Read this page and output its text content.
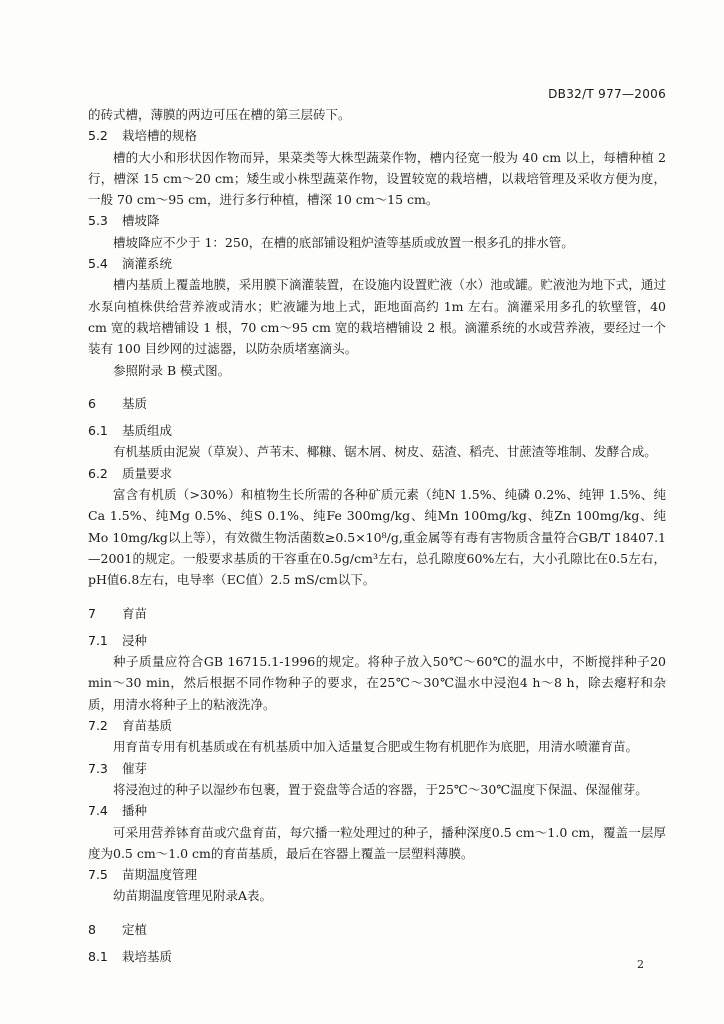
DB32/T 977—2006

的砖式槽，薄膜的两边可压在槽的第三层砖下。

5.2	栽培槽的规格

槽的大小和形状因作物而异，果菜类等大株型蔬菜作物，槽内径宽一般为 40 cm 以上，每槽种植 2 行，槽深 15 cm～20 cm；矮生或小株型蔬菜作物，设置较宽的栽培槽，以栽培管理及采收方便为度，一般 70 cm～95 cm，进行多行种植，槽深 10 cm～15 cm。

5.3	槽坡降

槽坡降应不少于 1：250，在槽的底部铺设粗炉渣等基质或放置一根多孔的排水管。

5.4	滴灌系统

槽内基质上覆盖地膜，采用膜下滴灌装置，在设施内设置贮液（水）池或罐。贮液池为地下式，通过水泵向植株供给营养液或清水；贮液罐为地上式，距地面高约 1m 左右。滴灌采用多孔的软壁管，40 cm 宽的栽培槽铺设 1 根，70 cm～95 cm 宽的栽培槽铺设 2 根。滴灌系统的水或营养液，要经过一个装有 100 目纱网的过滤器，以防杂质堵塞滴头。

参照附录 B 模式图。

6	基质
6.1	基质组成

有机基质由泥炭（草炭）、芦苇末、椰糠、锯木屑、树皮、菇渣、稻壳、甘蔗渣等堆制、发酵合成。

6.2	质量要求

富含有机质（>30%）和植物生长所需的各种矿质元素（纯N 1.5%、纯磷 0.2%、纯钾 1.5%、纯Ca 1.5%、纯Mg 0.5%、纯S 0.1%、纯Fe 300mg/kg、纯Mn 100mg/kg、纯Zn 100mg/kg、纯Mo 10mg/kg以上等），有效微生物活菌数≥0.5×10⁸/g,重金属等有毒有害物质含量符合GB/T 18407.1—2001的规定。一般要求基质的干容重在0.5g/cm³左右，总孔隙度60%左右，大小孔隙比在0.5左右，pH值6.8左右，电导率（EC值）2.5 mS/cm以下。

7	育苗
7.1	浸种

种子质量应符合GB 16715.1-1996的规定。将种子放入50℃～60℃的温水中，不断搅拌种子20 min～30 min，然后根据不同作物种子的要求，在25℃～30℃温水中浸泡4 h～8 h，除去瘪籽和杂质，用清水将种子上的粘液洗净。

7.2	育苗基质

用育苗专用有机基质或在有机基质中加入适量复合肥或生物有机肥作为底肥，用清水喷灌育苗。

7.3	催芽

将浸泡过的种子以湿纱布包裹，置于瓷盘等合适的容器，于25℃～30℃温度下保温、保湿催芽。

7.4	播种

可采用营养钵育苗或穴盘育苗，每穴播一粒处理过的种子，播种深度0.5 cm～1.0 cm，覆盖一层厚度为0.5 cm～1.0 cm的育苗基质，最后在容器上覆盖一层塑料薄膜。

7.5	苗期温度管理

幼苗期温度管理见附录A表。

8	定植
8.1	栽培基质
2
